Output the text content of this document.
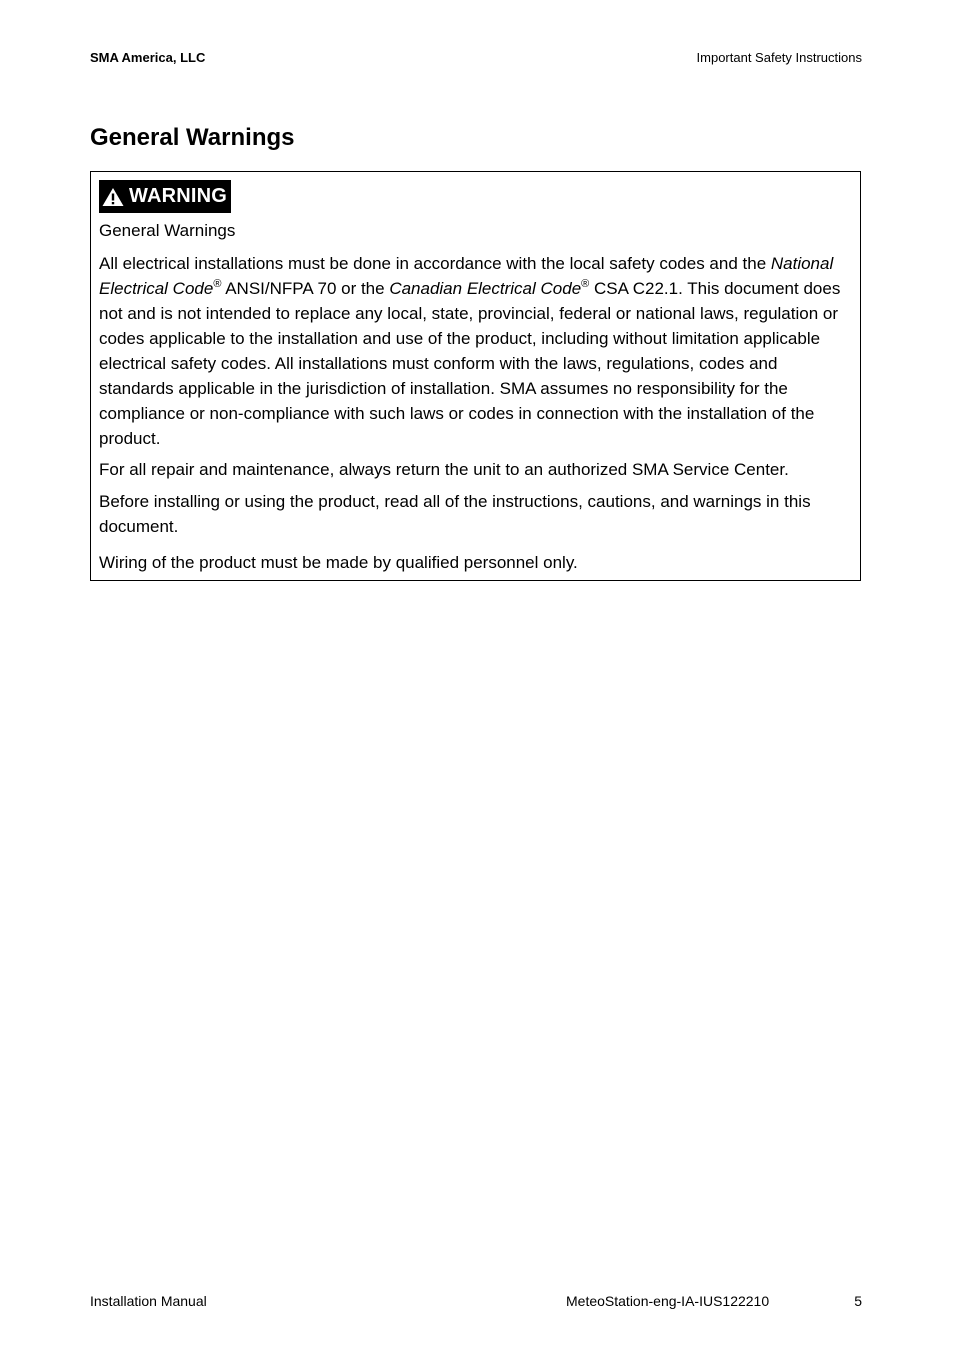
SMA America, LLC	Important Safety Instructions
General Warnings
WARNING

General Warnings

All electrical installations must be done in accordance with the local safety codes and the National Electrical Code® ANSI/NFPA 70 or the Canadian Electrical Code® CSA C22.1. This document does not and is not intended to replace any local, state, provincial, federal or national laws, regulation or codes applicable to the installation and use of the product, including without limitation applicable electrical safety codes. All installations must conform with the laws, regulations, codes and standards applicable in the jurisdiction of installation. SMA assumes no responsibility for the compliance or non-compliance with such laws or codes in connection with the installation of the product.

For all repair and maintenance, always return the unit to an authorized SMA Service Center.

Before installing or using the product, read all of the instructions, cautions, and warnings in this document.

Wiring of the product must be made by qualified personnel only.

Installation Manual	MeteoStation-eng-IA-IUS122210	5
